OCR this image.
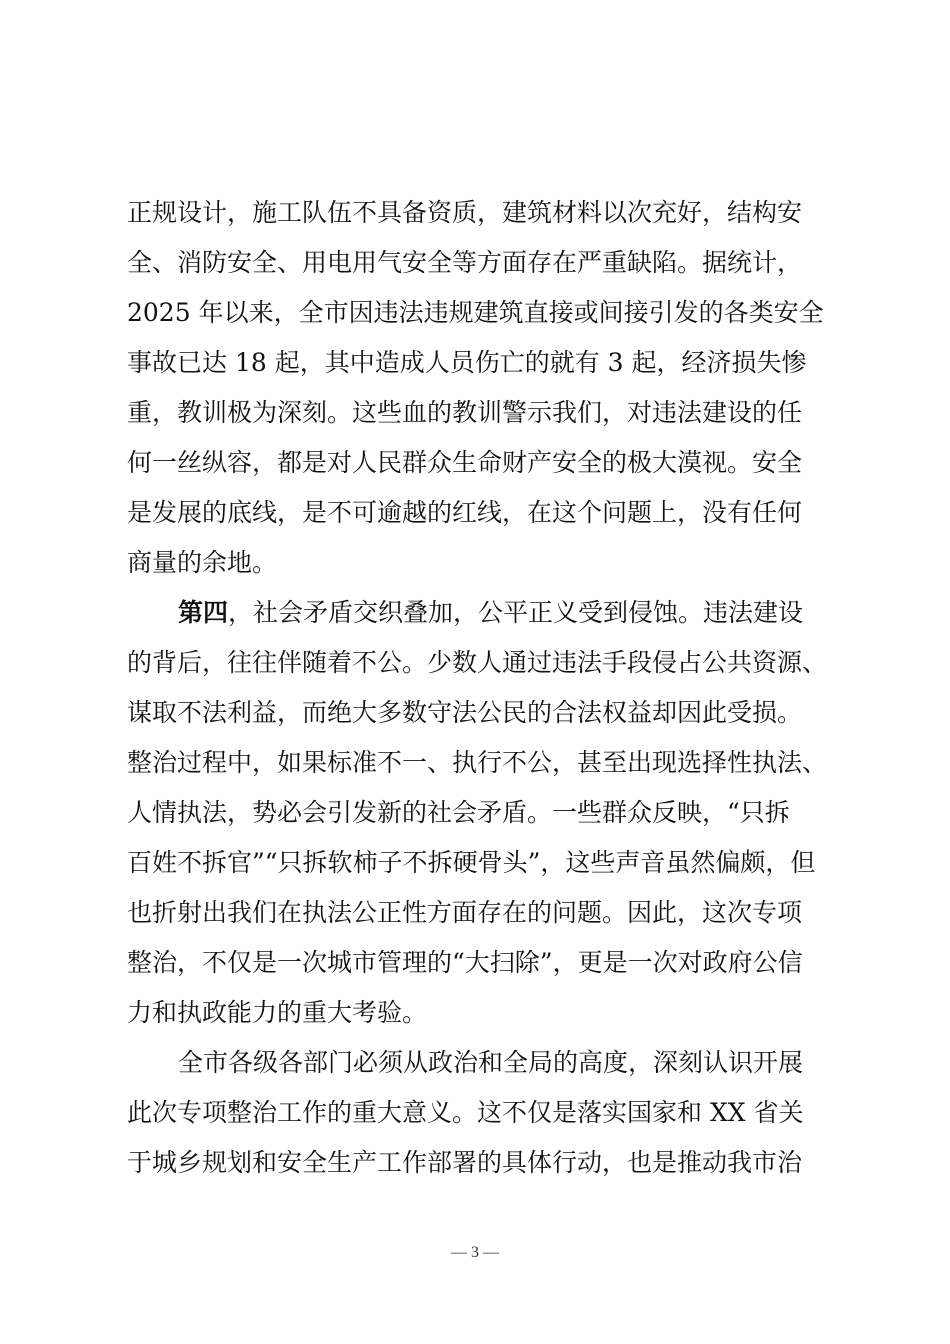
正规设计，施工队伍不具备资质，建筑材料以次充好，结构安
全、消防安全、用电用气安全等方面存在严重缺陷。据统计，
2025 年以来，全市因违法违规建筑直接或间接引发的各类安全
事故已达 18 起，其中造成人员伤亡的就有 3 起，经济损失惨
重，教训极为深刻。这些血的教训警示我们，对违法建设的任
何一丝纵容，都是对人民群众生命财产安全的极大漠视。安全
是发展的底线，是不可逾越的红线，在这个问题上，没有任何
商量的余地。
第四，社会矛盾交织叠加，公平正义受到侵蚀。违法建设
的背后，往往伴随着不公。少数人通过违法手段侵占公共资源、
谋取不法利益，而绝大多数守法公民的合法权益却因此受损。
整治过程中，如果标准不一、执行不公，甚至出现选择性执法、
人情执法，势必会引发新的社会矛盾。一些群众反映，“只拆
百姓不拆官”“只拆软柿子不拆硬骨头”，这些声音虽然偏颇，但
也折射出我们在执法公正性方面存在的问题。因此，这次专项
整治，不仅是一次城市管理的“大扫除”，更是一次对政府公信
力和执政能力的重大考验。
全市各级各部门必须从政治和全局的高度，深刻认识开展
此次专项整治工作的重大意义。这不仅是落实国家和 XX 省关
于城乡规划和安全生产工作部署的具体行动，也是推动我市治
— 3 —
